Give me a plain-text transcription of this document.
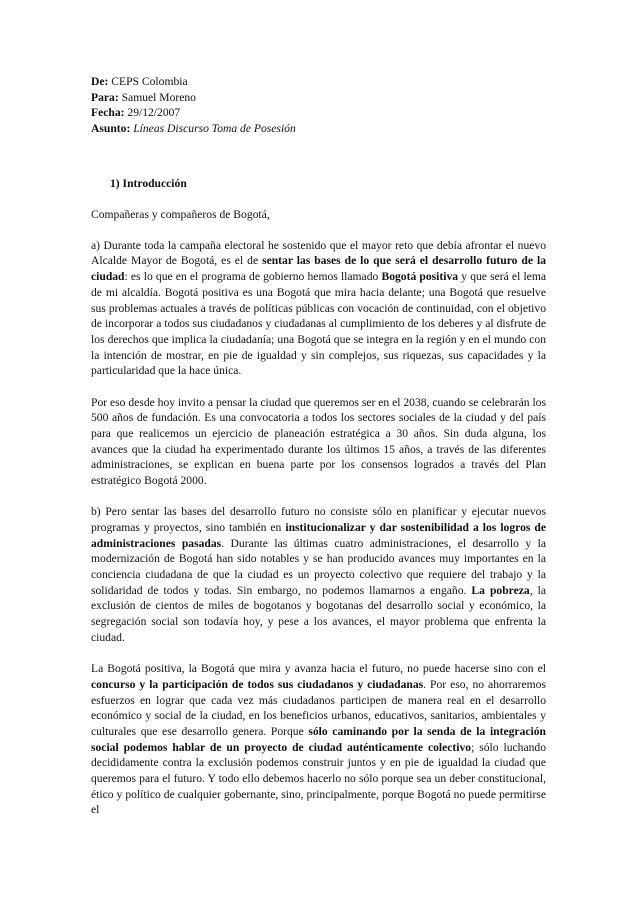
De: CEPS Colombia
Para: Samuel Moreno
Fecha: 29/12/2007
Asunto: Líneas Discurso Toma de Posesión
1) Introducción

Compañeras y compañeros de Bogotá,

a) Durante toda la campaña electoral he sostenido que el mayor reto que debía afrontar el nuevo Alcalde Mayor de Bogotá, es el de sentar las bases de lo que será el desarrollo futuro de la ciudad: es lo que en el programa de gobierno hemos llamado Bogotá positiva y que será el lema de mi alcaldía. Bogotá positiva es una Bogotá que mira hacia delante; una Bogotá que resuelve sus problemas actuales a través de políticas públicas con vocación de continuidad, con el objetivo de incorporar a todos sus ciudadanos y ciudadanas al cumplimiento de los deberes y al disfrute de los derechos que implica la ciudadanía; una Bogotá que se integra en la región y en el mundo con la intención de mostrar, en pie de igualdad y sin complejos, sus riquezas, sus capacidades y la particularidad que la hace única.

Por eso desde hoy invito a pensar la ciudad que queremos ser en el 2038, cuando se celebrarán los 500 años de fundación. Es una convocatoria a todos los sectores sociales de la ciudad y del país para que realicemos un ejercicio de planeación estratégica a 30 años. Sin duda alguna, los avances que la ciudad ha experimentado durante los últimos 15 años, a través de las diferentes administraciones, se explican en buena parte por los consensos logrados a través del Plan estratégico Bogotá 2000.

b) Pero sentar las bases del desarrollo futuro no consiste sólo en planificar y ejecutar nuevos programas y proyectos, sino también en institucionalizar y dar sostenibilidad a los logros de administraciones pasadas. Durante las últimas cuatro administraciones, el desarrollo y la modernización de Bogotá han sido notables y se han producido avances muy importantes en la conciencia ciudadana de que la ciudad es un proyecto colectivo que requiere del trabajo y la solidaridad de todos y todas. Sin embargo, no podemos llamarnos a engaño. La pobreza, la exclusión de cientos de miles de bogotanos y bogotanas del desarrollo social y económico, la segregación social son todavía hoy, y pese a los avances, el mayor problema que enfrenta la ciudad.

La Bogotá positiva, la Bogotá que mira y avanza hacia el futuro, no puede hacerse sino con el concurso y la participación de todos sus ciudadanos y ciudadanas. Por eso, no ahorraremos esfuerzos en lograr que cada vez más ciudadanos participen de manera real en el desarrollo económico y social de la ciudad, en los beneficios urbanos, educativos, sanitarios, ambientales y culturales que ese desarrollo genera. Porque sólo caminando por la senda de la integración social podemos hablar de un proyecto de ciudad auténticamente colectivo; sólo luchando decididamente contra la exclusión podemos construir juntos y en pie de igualdad la ciudad que queremos para el futuro. Y todo ello debemos hacerlo no sólo porque sea un deber constitucional, ético y político de cualquier gobernante, sino, principalmente, porque Bogotá no puede permitirse el
